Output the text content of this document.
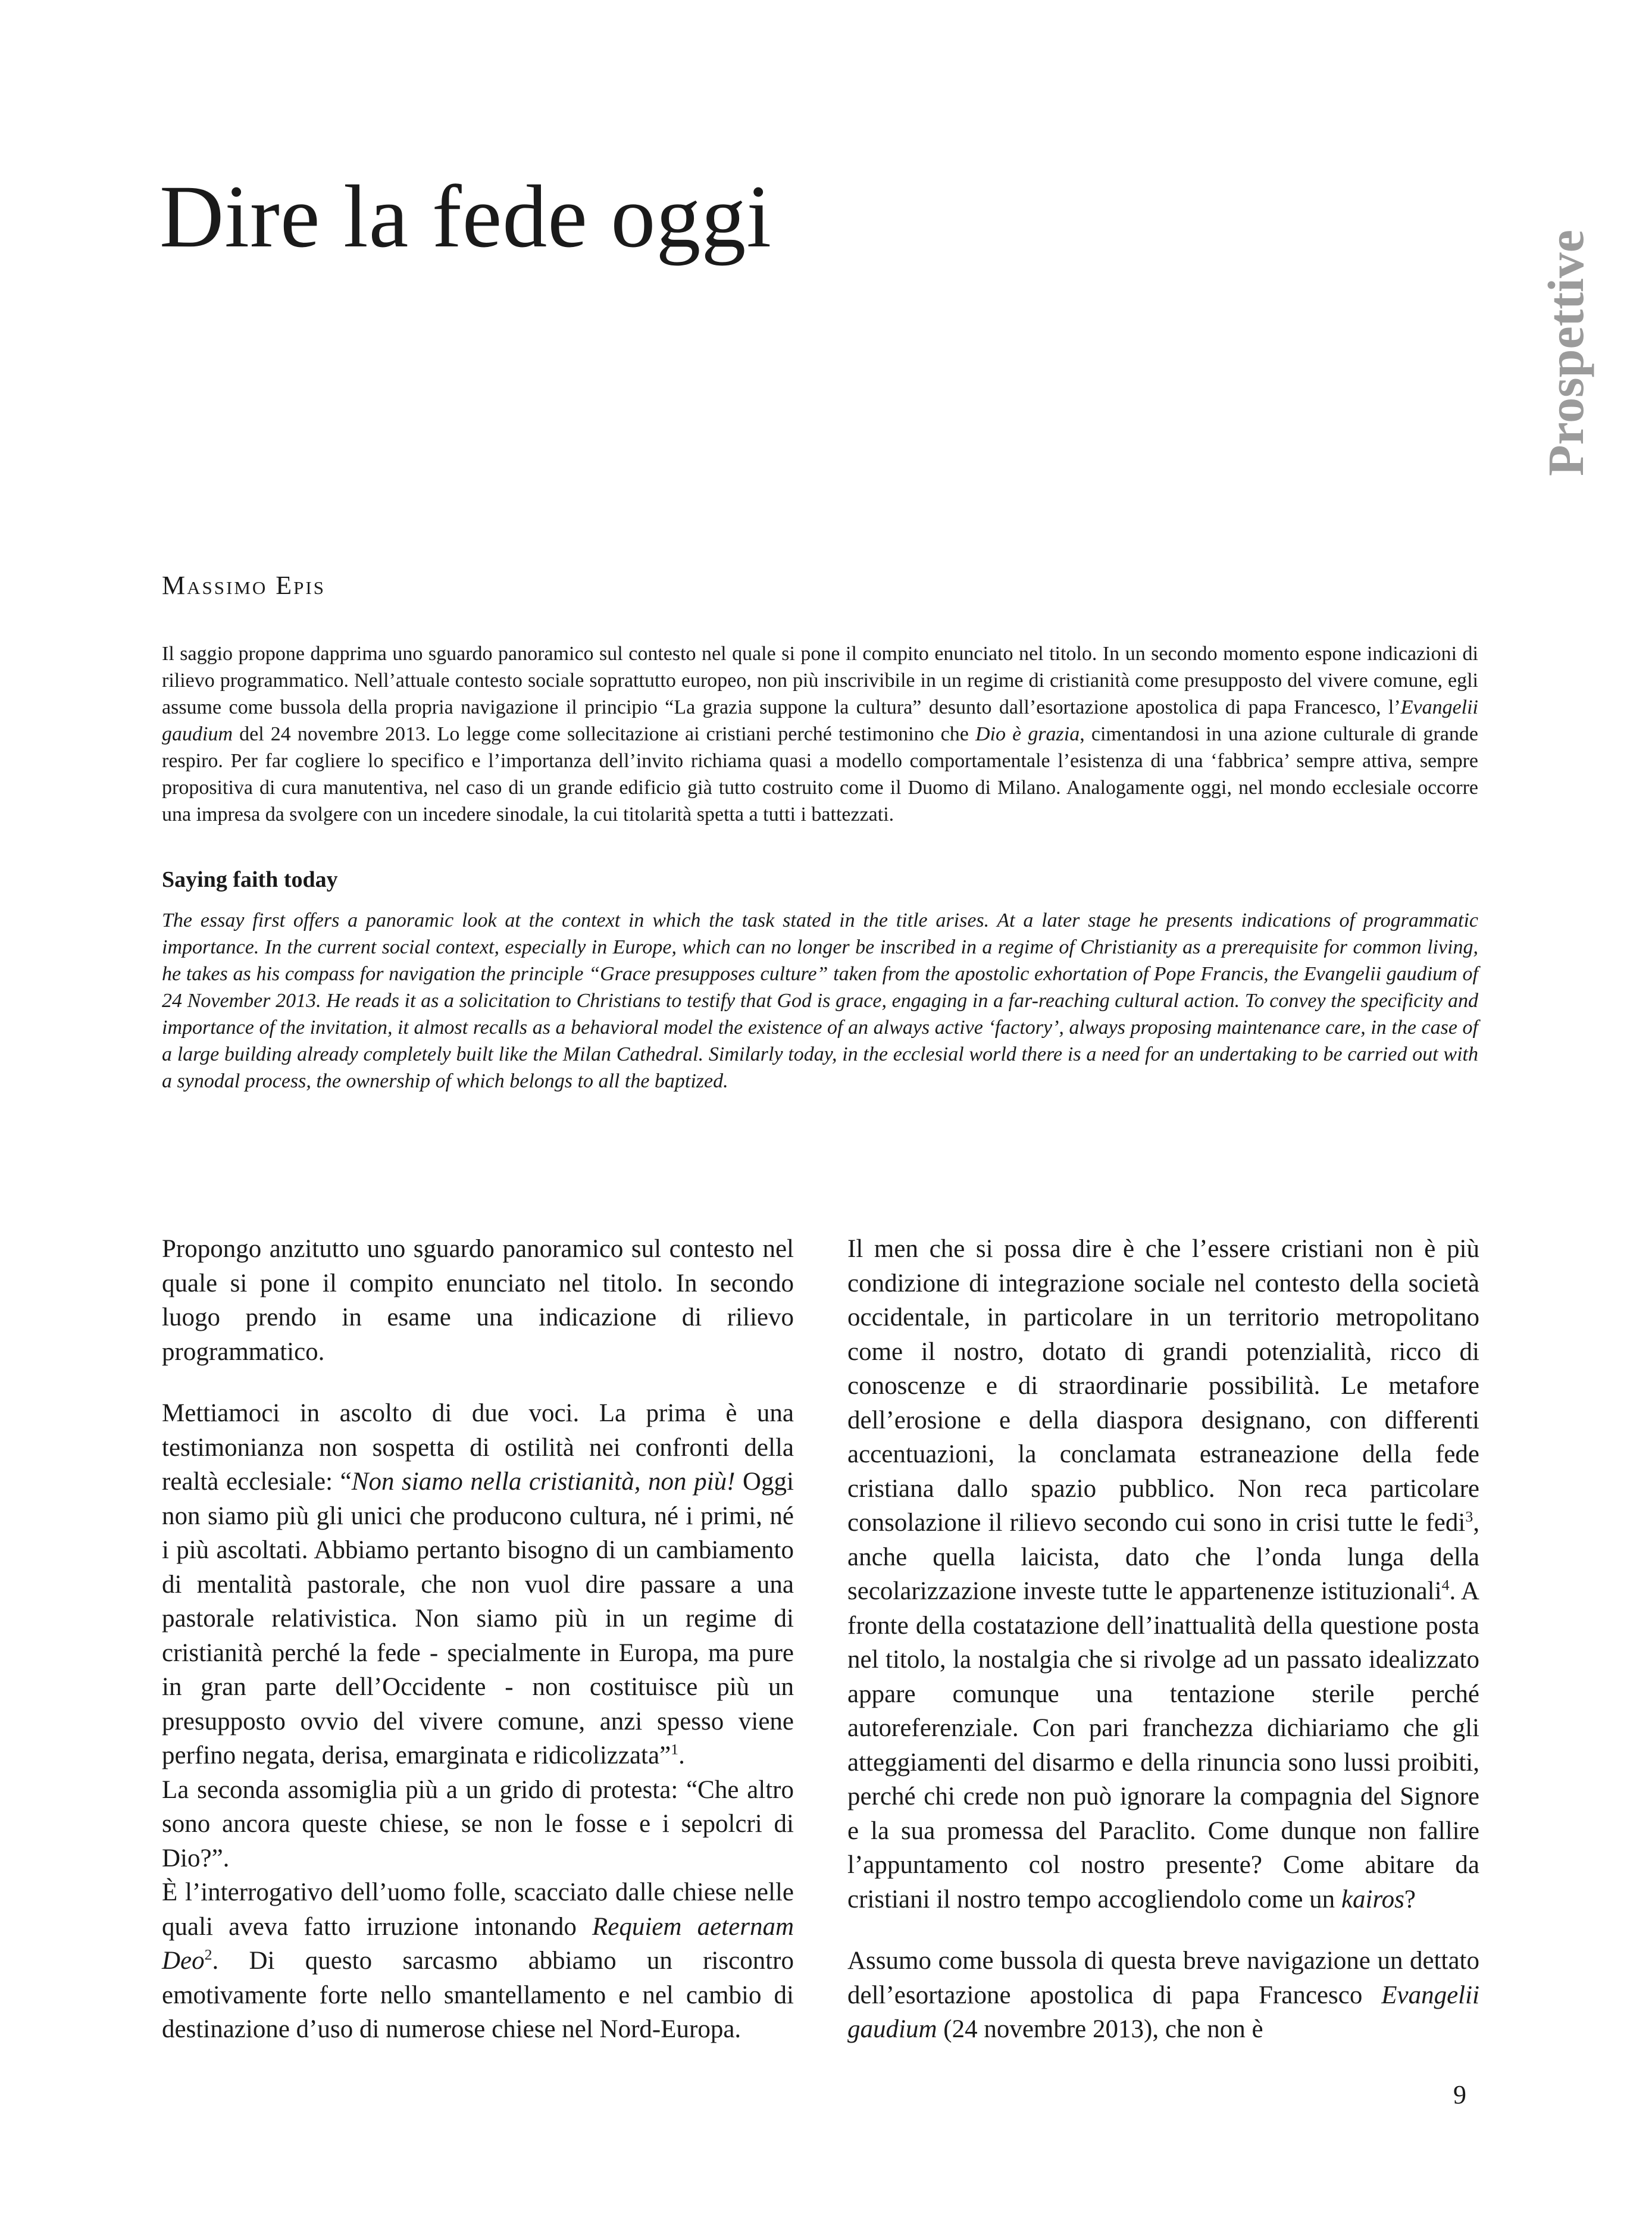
Prospettive
Dire la fede oggi
Massimo Epis

Il saggio propone dapprima uno sguardo panoramico sul contesto nel quale si pone il compito enunciato nel titolo. In un secondo momento espone indicazioni di rilievo programmatico. Nell’attuale contesto sociale soprattutto europeo, non più inscrivibile in un regime di cristianità come presupposto del vivere comune, egli assume come bussola della propria navigazione il principio “La grazia suppone la cultura” desunto dall’esortazione apostolica di papa Francesco, l’Evangelii gaudium del 24 novembre 2013. Lo legge come sollecitazione ai cristiani perché testimonino che Dio è grazia, cimentandosi in una azione culturale di grande respiro. Per far cogliere lo specifico e l’importanza dell’invito richiama quasi a modello comportamentale l’esistenza di una ‘fabbrica’ sempre attiva, sempre propositiva di cura manutentiva, nel caso di un grande edificio già tutto costruito come il Duomo di Milano. Analogamente oggi, nel mondo ecclesiale occorre una impresa da svolgere con un incedere sinodale, la cui titolarità spetta a tutti i battezzati.

Saying faith today

The essay first offers a panoramic look at the context in which the task stated in the title arises. At a later stage he presents indications of programmatic importance. In the current social context, especially in Europe, which can no longer be inscribed in a regime of Christianity as a prerequisite for common living, he takes as his compass for navigation the principle “Grace presupposes culture” taken from the apostolic exhortation of Pope Francis, the Evangelii gaudium of 24 November 2013. He reads it as a solicitation to Christians to testify that God is grace, engaging in a far-reaching cultural action. To convey the specificity and importance of the invitation, it almost recalls as a behavioral model the existence of an always active ‘factory’, always proposing maintenance care, in the case of a large building already completely built like the Milan Cathedral. Similarly today, in the ecclesial world there is a need for an undertaking to be carried out with a synodal process, the ownership of which belongs to all the baptized.

Propongo anzitutto uno sguardo panoramico sul contesto nel quale si pone il compito enunciato nel titolo. In secondo luogo prendo in esame una indicazione di rilievo programmatico.

Mettiamoci in ascolto di due voci. La prima è una testimonianza non sospetta di ostilità nei confronti della realtà ecclesiale: “Non siamo nella cristianità, non più! Oggi non siamo più gli unici che producono cultura, né i primi, né i più ascoltati. Abbiamo pertanto bisogno di un cambiamento di mentalità pastorale, che non vuol dire passare a una pastorale relativistica. Non siamo più in un regime di cristianità perché la fede - specialmente in Europa, ma pure in gran parte dell’Occidente - non costituisce più un presupposto ovvio del vivere comune, anzi spesso viene perfino negata, derisa, emarginata e ridicolizzata”$^1$.

La seconda assomiglia più a un grido di protesta: “Che altro sono ancora queste chiese, se non le fosse e i sepolcri di Dio?”.

È l’interrogativo dell’uomo folle, scacciato dalle chiese nelle quali aveva fatto irruzione intonando Requiem aeternam Deo$^2$. Di questo sarcasmo abbiamo un riscontro emotivamente forte nello smantellamento e nel cambio di destinazione d’uso di numerose chiese nel Nord-Europa.

Il men che si possa dire è che l’essere cristiani non è più condizione di integrazione sociale nel contesto della società occidentale, in particolare in un territorio metropolitano come il nostro, dotato di grandi potenzialità, ricco di conoscenze e di straordinarie possibilità. Le metafore dell’erosione e della diaspora designano, con differenti accentuazioni, la conclamata estraneazione della fede cristiana dallo spazio pubblico. Non reca particolare consolazione il rilievo secondo cui sono in crisi tutte le fedi$^3$, anche quella laicista, dato che l’onda lunga della secolarizzazione investe tutte le appartenenze istituzionali$^4$. A fronte della costatazione dell’inattualità della questione posta nel titolo, la nostalgia che si rivolge ad un passato idealizzato appare comunque una tentazione sterile perché autoreferenziale. Con pari franchezza dichiariamo che gli atteggiamenti del disarmo e della rinuncia sono lussi proibiti, perché chi crede non può ignorare la compagnia del Signore e la sua promessa del Paraclito. Come dunque non fallire l’appuntamento col nostro presente? Come abitare da cristiani il nostro tempo accogliendolo come un kairos?

Assumo come bussola di questa breve navigazione un dettato dell’esortazione apostolica di papa Francesco Evangelii gaudium (24 novembre 2013), che non è

9
